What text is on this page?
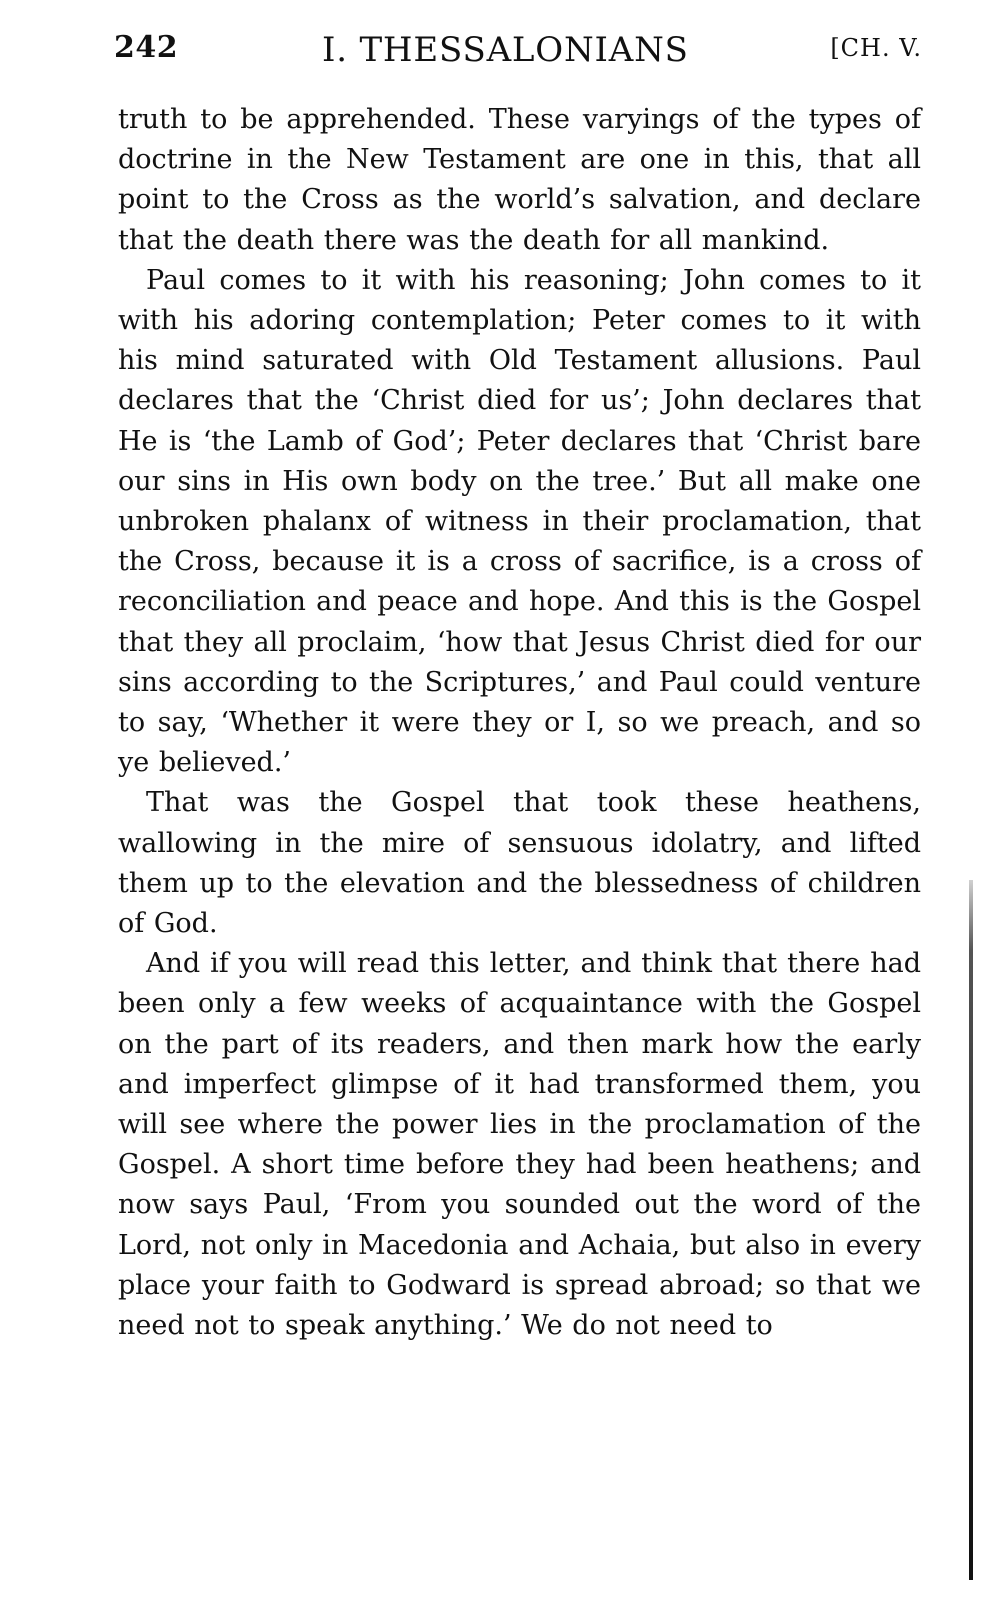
242	I. THESSALONIANS	[CH. V.

truth to be apprehended. These varyings of the types of doctrine in the New Testament are one in this, that all point to the Cross as the world’s salvation, and declare that the death there was the death for all mankind.

Paul comes to it with his reasoning; John comes to it with his adoring contemplation; Peter comes to it with his mind saturated with Old Testament allusions. Paul declares that the ‘Christ died for us’; John declares that He is ‘the Lamb of God’; Peter declares that ‘Christ bare our sins in His own body on the tree.’ But all make one unbroken phalanx of witness in their proclamation, that the Cross, because it is a cross of sacrifice, is a cross of reconciliation and peace and hope. And this is the Gospel that they all proclaim, ‘how that Jesus Christ died for our sins according to the Scriptures,’ and Paul could venture to say, ‘Whether it were they or I, so we preach, and so ye believed.’

That was the Gospel that took these heathens, wallowing in the mire of sensuous idolatry, and lifted them up to the elevation and the blessedness of children of God.

And if you will read this letter, and think that there had been only a few weeks of acquaintance with the Gospel on the part of its readers, and then mark how the early and imperfect glimpse of it had transformed them, you will see where the power lies in the proclamation of the Gospel. A short time before they had been heathens; and now says Paul, ‘From you sounded out the word of the Lord, not only in Macedonia and Achaia, but also in every place your faith to Godward is spread abroad; so that we need not to speak anything.’ We do not need to
